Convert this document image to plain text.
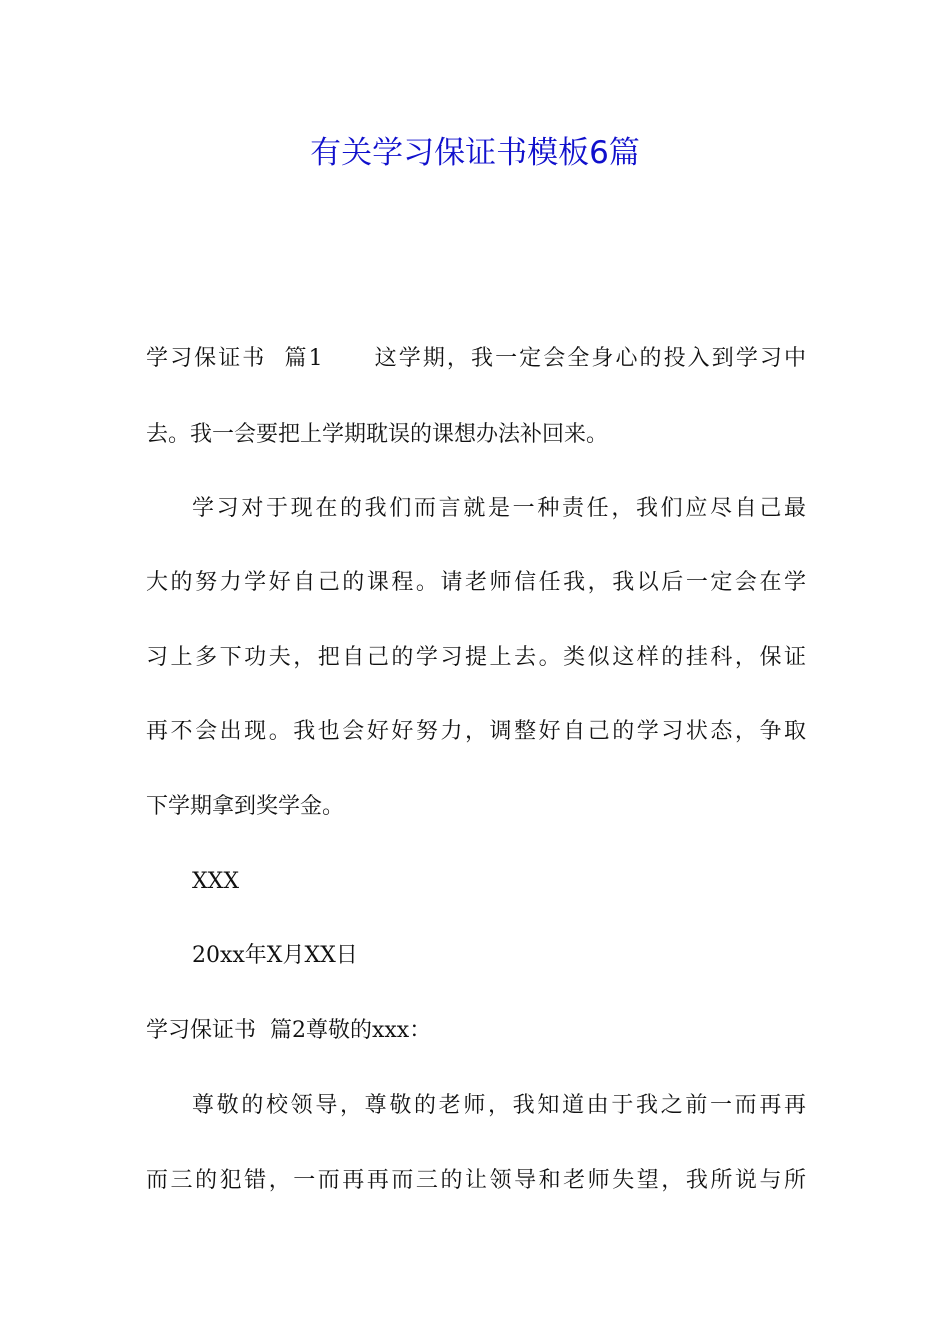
有关学习保证书模板6篇
学习保证书  篇1 这学期，我一定会全身心的投入到学习中
去。我一会要把上学期耽误的课想办法补回来。
学习对于现在的我们而言就是一种责任，我们应尽自己最
大的努力学好自己的课程。请老师信任我，我以后一定会在学
习上多下功夫，把自己的学习提上去。类似这样的挂科，保证
再不会出现。我也会好好努力，调整好自己的学习状态，争取
下学期拿到奖学金。
XXX
20xx年X月XX日
学习保证书  篇2尊敬的xxx：
尊敬的校领导，尊敬的老师，我知道由于我之前一而再再
而三的犯错，一而再再而三的让领导和老师失望，我所说与所
